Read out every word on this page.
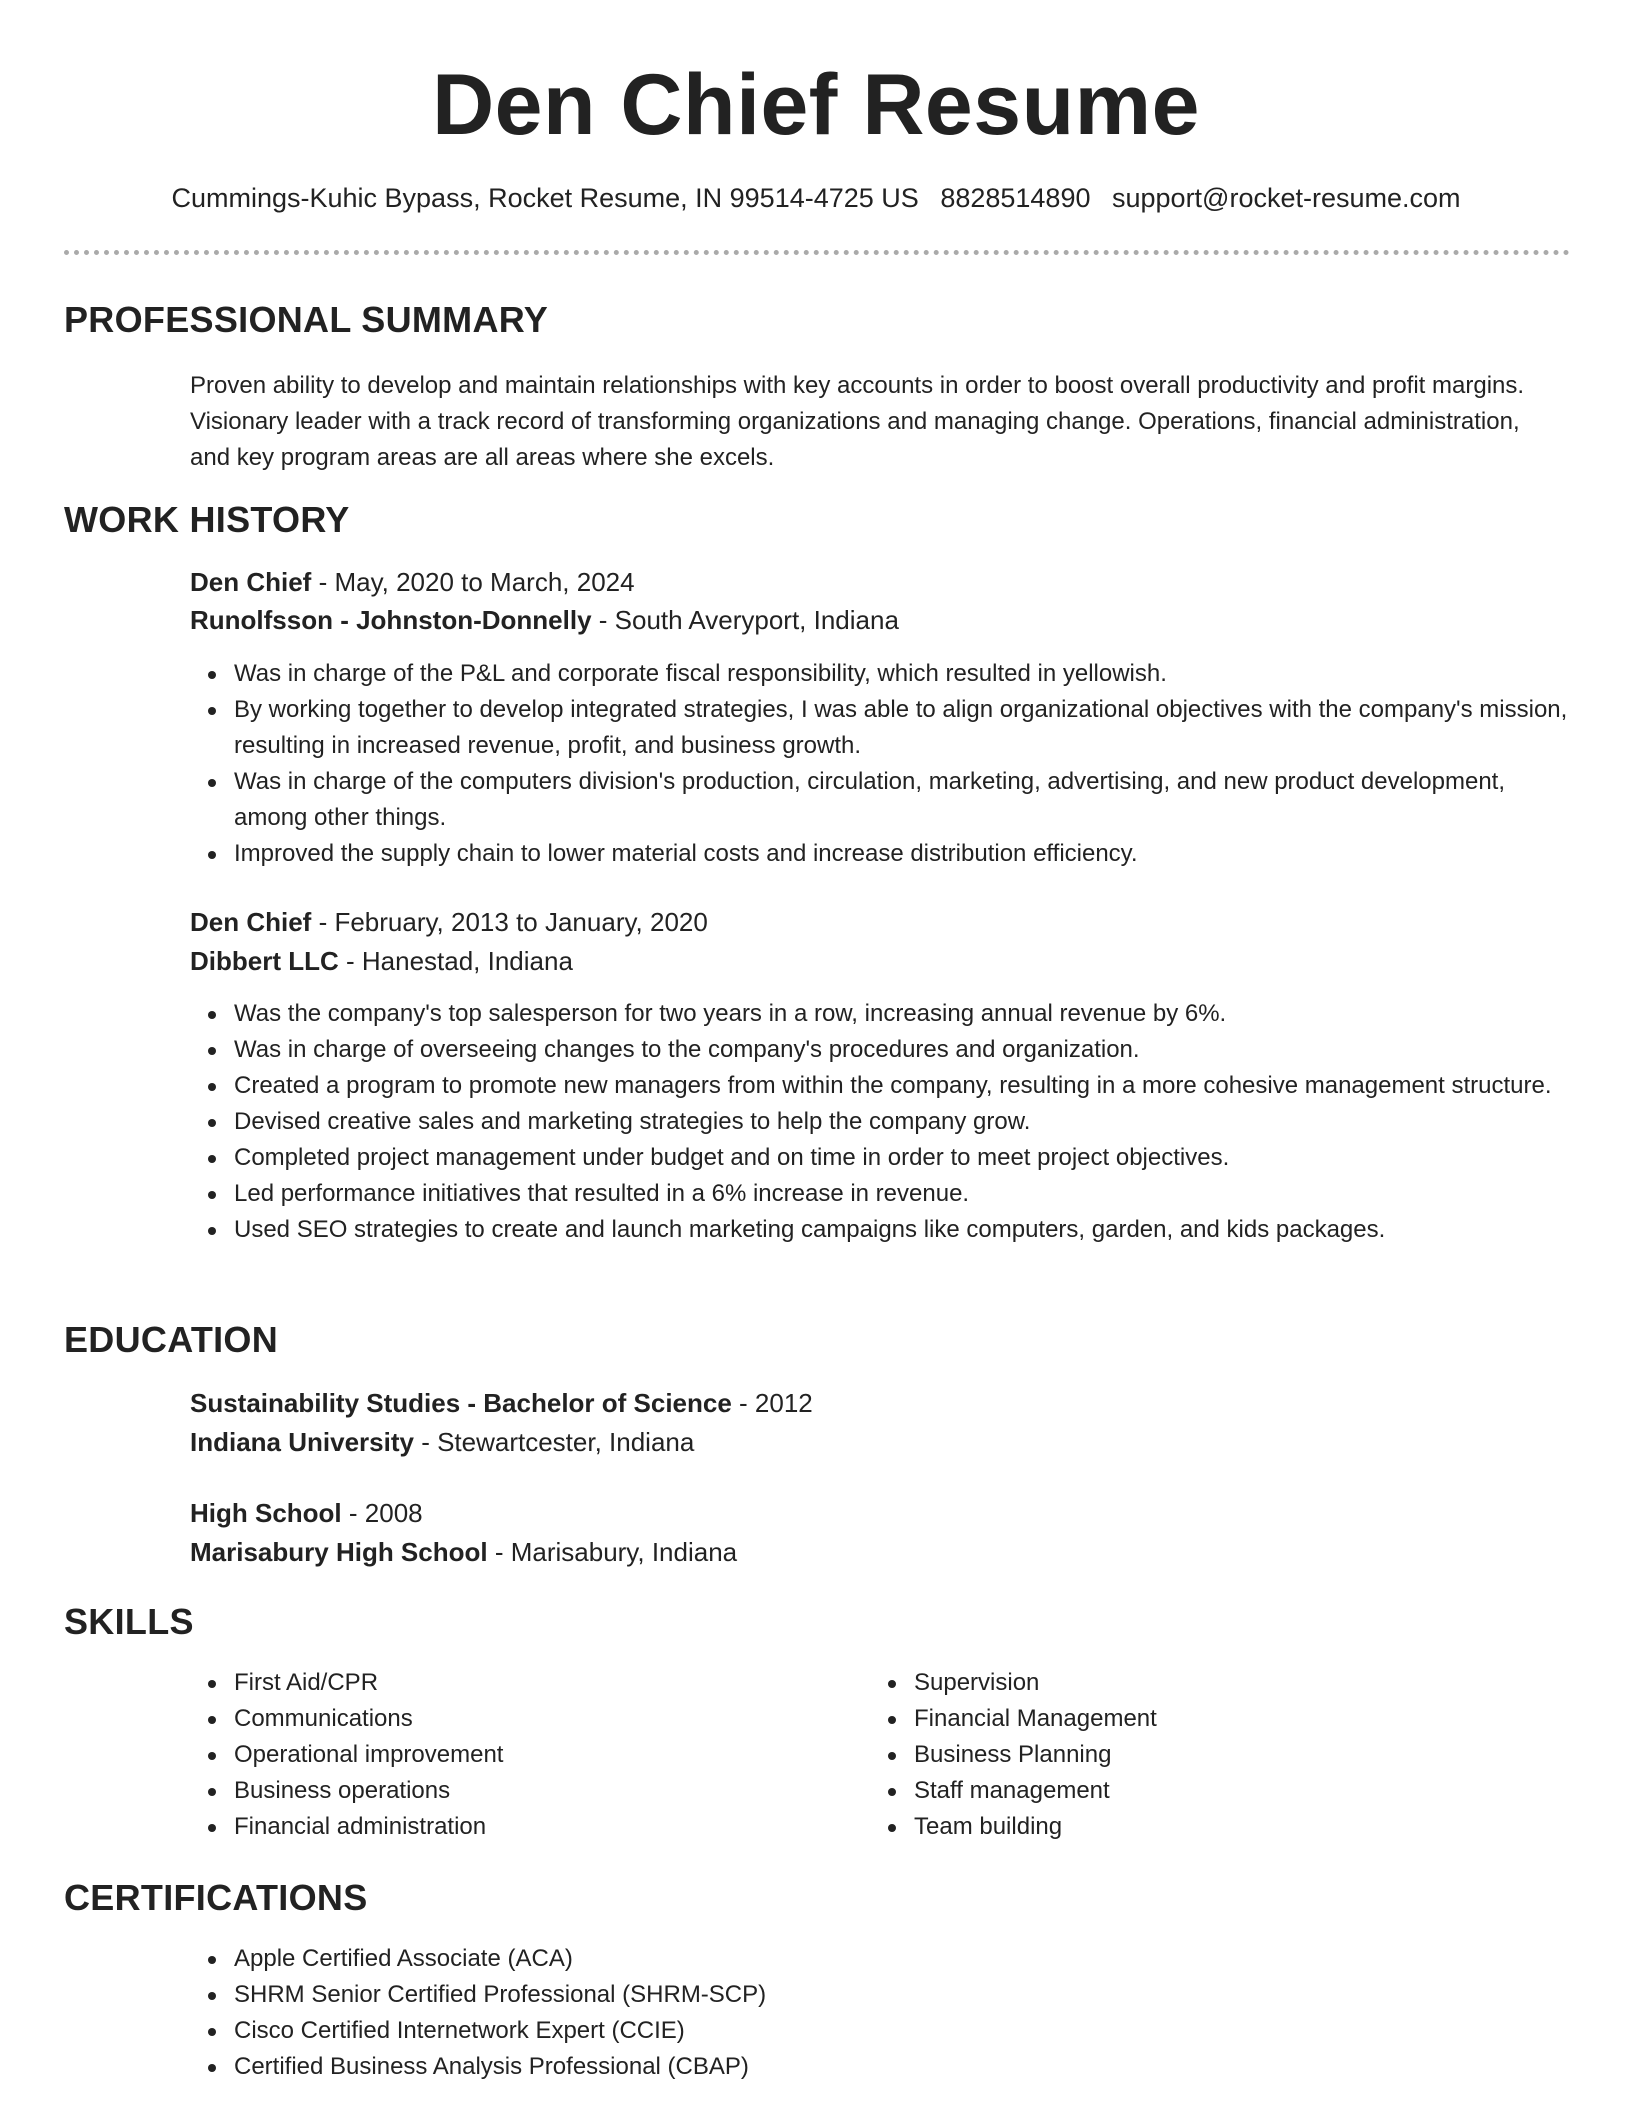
Den Chief Resume
Cummings-Kuhic Bypass, Rocket Resume, IN 99514-4725 US 8828514890 support@rocket-resume.com
PROFESSIONAL SUMMARY
Proven ability to develop and maintain relationships with key accounts in order to boost overall productivity and profit margins. Visionary leader with a track record of transforming organizations and managing change. Operations, financial administration, and key program areas are all areas where she excels.
WORK HISTORY
Den Chief - May, 2020 to March, 2024
Runolfsson - Johnston-Donnelly - South Averyport, Indiana
Was in charge of the P&L and corporate fiscal responsibility, which resulted in yellowish.
By working together to develop integrated strategies, I was able to align organizational objectives with the company's mission, resulting in increased revenue, profit, and business growth.
Was in charge of the computers division's production, circulation, marketing, advertising, and new product development, among other things.
Improved the supply chain to lower material costs and increase distribution efficiency.
Den Chief - February, 2013 to January, 2020
Dibbert LLC - Hanestad, Indiana
Was the company's top salesperson for two years in a row, increasing annual revenue by 6%.
Was in charge of overseeing changes to the company's procedures and organization.
Created a program to promote new managers from within the company, resulting in a more cohesive management structure.
Devised creative sales and marketing strategies to help the company grow.
Completed project management under budget and on time in order to meet project objectives.
Led performance initiatives that resulted in a 6% increase in revenue.
Used SEO strategies to create and launch marketing campaigns like computers, garden, and kids packages.
EDUCATION
Sustainability Studies - Bachelor of Science - 2012
Indiana University - Stewartcester, Indiana
High School - 2008
Marisabury High School - Marisabury, Indiana
SKILLS
First Aid/CPR
Communications
Operational improvement
Business operations
Financial administration
Supervision
Financial Management
Business Planning
Staff management
Team building
CERTIFICATIONS
Apple Certified Associate (ACA)
SHRM Senior Certified Professional (SHRM-SCP)
Cisco Certified Internetwork Expert (CCIE)
Certified Business Analysis Professional (CBAP)
